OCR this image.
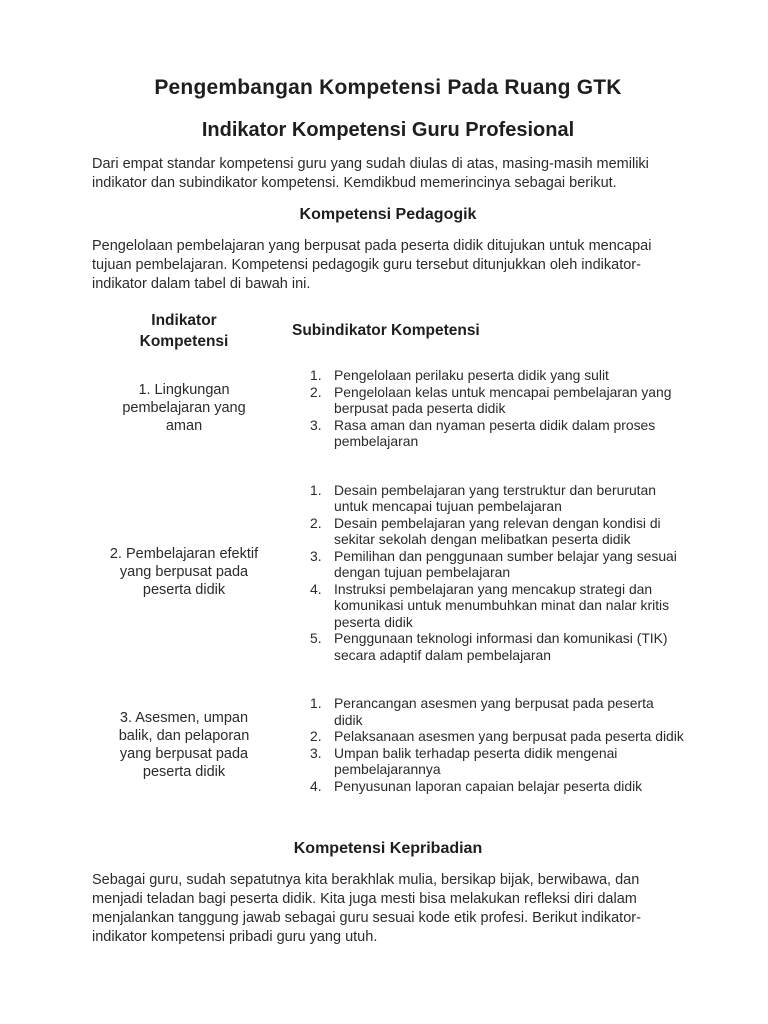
Pengembangan Kompetensi Pada Ruang GTK
Indikator Kompetensi Guru Profesional

Dari empat standar kompetensi guru yang sudah diulas di atas, masing-masih memiliki indikator dan subindikator kompetensi. Kemdikbud memerincinya sebagai berikut.

Kompetensi Pedagogik

Pengelolaan pembelajaran yang berpusat pada peserta didik ditujukan untuk mencapai tujuan pembelajaran. Kompetensi pedagogik guru tersebut ditunjukkan oleh indikator-indikator dalam tabel di bawah ini.

Indikator Kompetensi
Subindikator Kompetensi
1. Lingkungan pembelajaran yang aman
1. Pengelolaan perilaku peserta didik yang sulit
2. Pengelolaan kelas untuk mencapai pembelajaran yang berpusat pada peserta didik
3. Rasa aman dan nyaman peserta didik dalam proses pembelajaran
2. Pembelajaran efektif yang berpusat pada peserta didik
1. Desain pembelajaran yang terstruktur dan berurutan untuk mencapai tujuan pembelajaran
2. Desain pembelajaran yang relevan dengan kondisi di sekitar sekolah dengan melibatkan peserta didik
3. Pemilihan dan penggunaan sumber belajar yang sesuai dengan tujuan pembelajaran
4. Instruksi pembelajaran yang mencakup strategi dan komunikasi untuk menumbuhkan minat dan nalar kritis peserta didik
5. Penggunaan teknologi informasi dan komunikasi (TIK) secara adaptif dalam pembelajaran
3. Asesmen, umpan balik, dan pelaporan yang berpusat pada peserta didik
1. Perancangan asesmen yang berpusat pada peserta didik
2. Pelaksanaan asesmen yang berpusat pada peserta didik
3. Umpan balik terhadap peserta didik mengenai pembelajarannya
4. Penyusunan laporan capaian belajar peserta didik
Kompetensi Kepribadian

Sebagai guru, sudah sepatutnya kita berakhlak mulia, bersikap bijak, berwibawa, dan menjadi teladan bagi peserta didik. Kita juga mesti bisa melakukan refleksi diri dalam menjalankan tanggung jawab sebagai guru sesuai kode etik profesi. Berikut indikator-indikator kompetensi pribadi guru yang utuh.
